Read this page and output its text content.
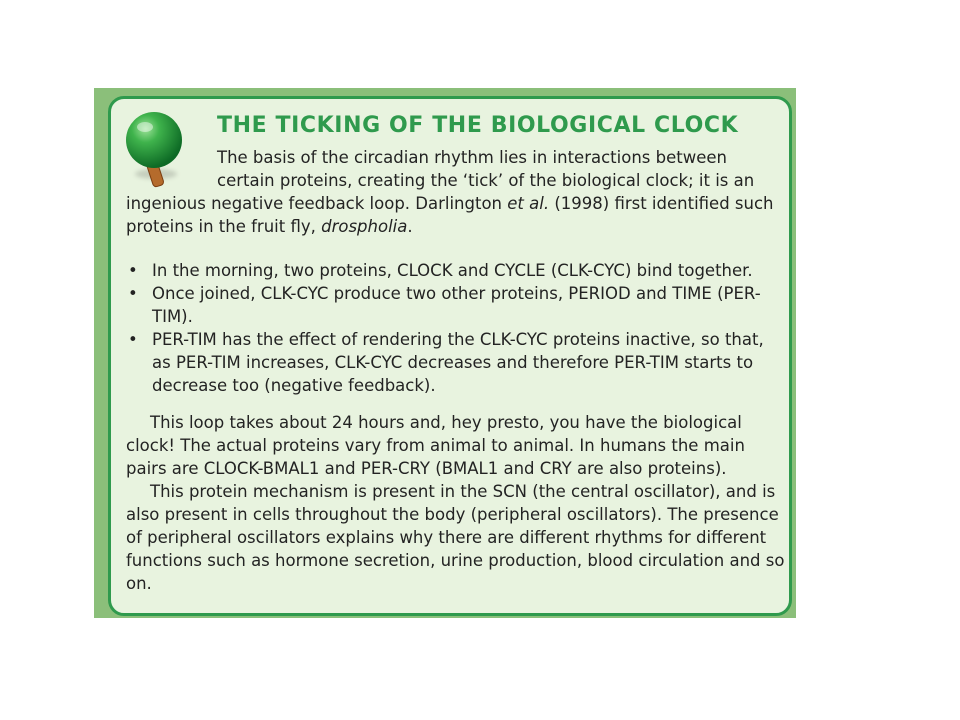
THE TICKING OF THE BIOLOGICAL CLOCK
The basis of the circadian rhythm lies in interactions between certain proteins, creating the ‘tick’ of the biological clock; it is an
ingenious negative feedback loop. Darlington et al. (1998) first identified such proteins in the fruit fly, drospholia.
• In the morning, two proteins, CLOCK and CYCLE (CLK-CYC) bind together.
• Once joined, CLK-CYC produce two other proteins, PERIOD and TIME (PER-TIM).
• PER-TIM has the effect of rendering the CLK-CYC proteins inactive, so that, as PER-TIM increases, CLK-CYC decreases and therefore PER-TIM starts to decrease too (negative feedback).

This loop takes about 24 hours and, hey presto, you have the biological clock! The actual proteins vary from animal to animal. In humans the main pairs are CLOCK-BMAL1 and PER-CRY (BMAL1 and CRY are also proteins).

This protein mechanism is present in the SCN (the central oscillator), and is also present in cells throughout the body (peripheral oscillators). The presence of peripheral oscillators explains why there are different rhythms for different functions such as hormone secretion, urine production, blood circulation and so on.
